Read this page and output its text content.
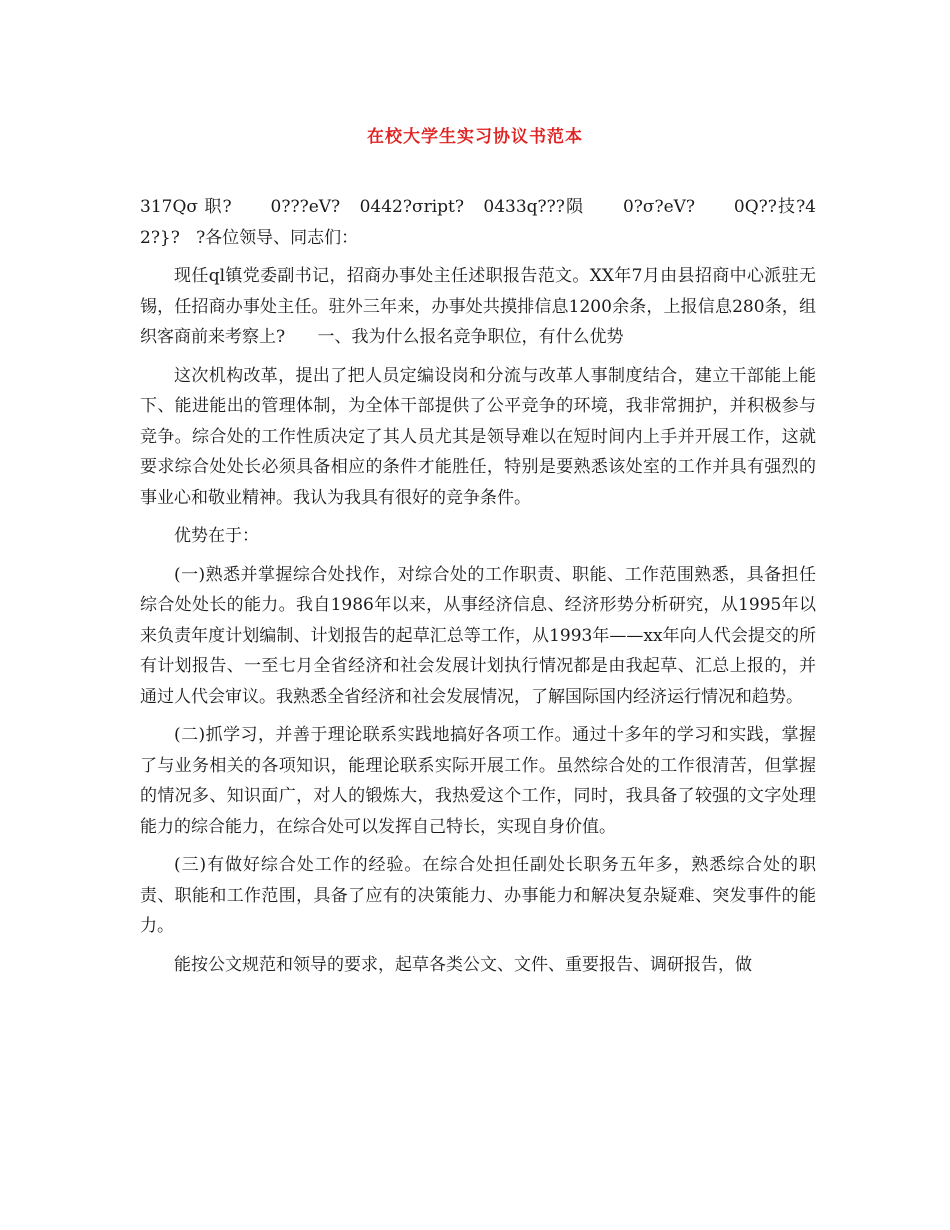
在校大学生实习协议书范本

317Qσ 职?      0???eV?   0442?σript?   0433q???陨      0?σ?eV?      0Q??技?42?}?   ?各位领导、同志们：

现任ql镇党委副书记，招商办事处主任述职报告范文。XX年7月由县招商中心派驻无锡，任招商办事处主任。驻外三年来，办事处共摸排信息1200余条，上报信息280条，组织客商前来考察上?      一、我为什么报名竞争职位，有什么优势

这次机构改革，提出了把人员定编设岗和分流与改革人事制度结合，建立干部能上能下、能进能出的管理体制，为全体干部提供了公平竞争的环境，我非常拥护，并积极参与竞争。综合处的工作性质决定了其人员尤其是领导难以在短时间内上手并开展工作，这就要求综合处处长必须具备相应的条件才能胜任，特别是要熟悉该处室的工作并具有强烈的事业心和敬业精神。我认为我具有很好的竞争条件。

优势在于：

(一)熟悉并掌握综合处找作，对综合处的工作职责、职能、工作范围熟悉，具备担任综合处处长的能力。我自1986年以来，从事经济信息、经济形势分析研究，从1995年以来负责年度计划编制、计划报告的起草汇总等工作，从1993年——xx年向人代会提交的所有计划报告、一至七月全省经济和社会发展计划执行情况都是由我起草、汇总上报的，并通过人代会审议。我熟悉全省经济和社会发展情况，了解国际国内经济运行情况和趋势。

(二)抓学习，并善于理论联系实践地搞好各项工作。通过十多年的学习和实践，掌握了与业务相关的各项知识，能理论联系实际开展工作。虽然综合处的工作很清苦，但掌握的情况多、知识面广，对人的锻炼大，我热爱这个工作，同时，我具备了较强的文字处理能力的综合能力，在综合处可以发挥自己特长，实现自身价值。

(三)有做好综合处工作的经验。在综合处担任副处长职务五年多，熟悉综合处的职责、职能和工作范围，具备了应有的决策能力、办事能力和解决复杂疑难、突发事件的能力。

能按公文规范和领导的要求，起草各类公文、文件、重要报告、调研报告，做
